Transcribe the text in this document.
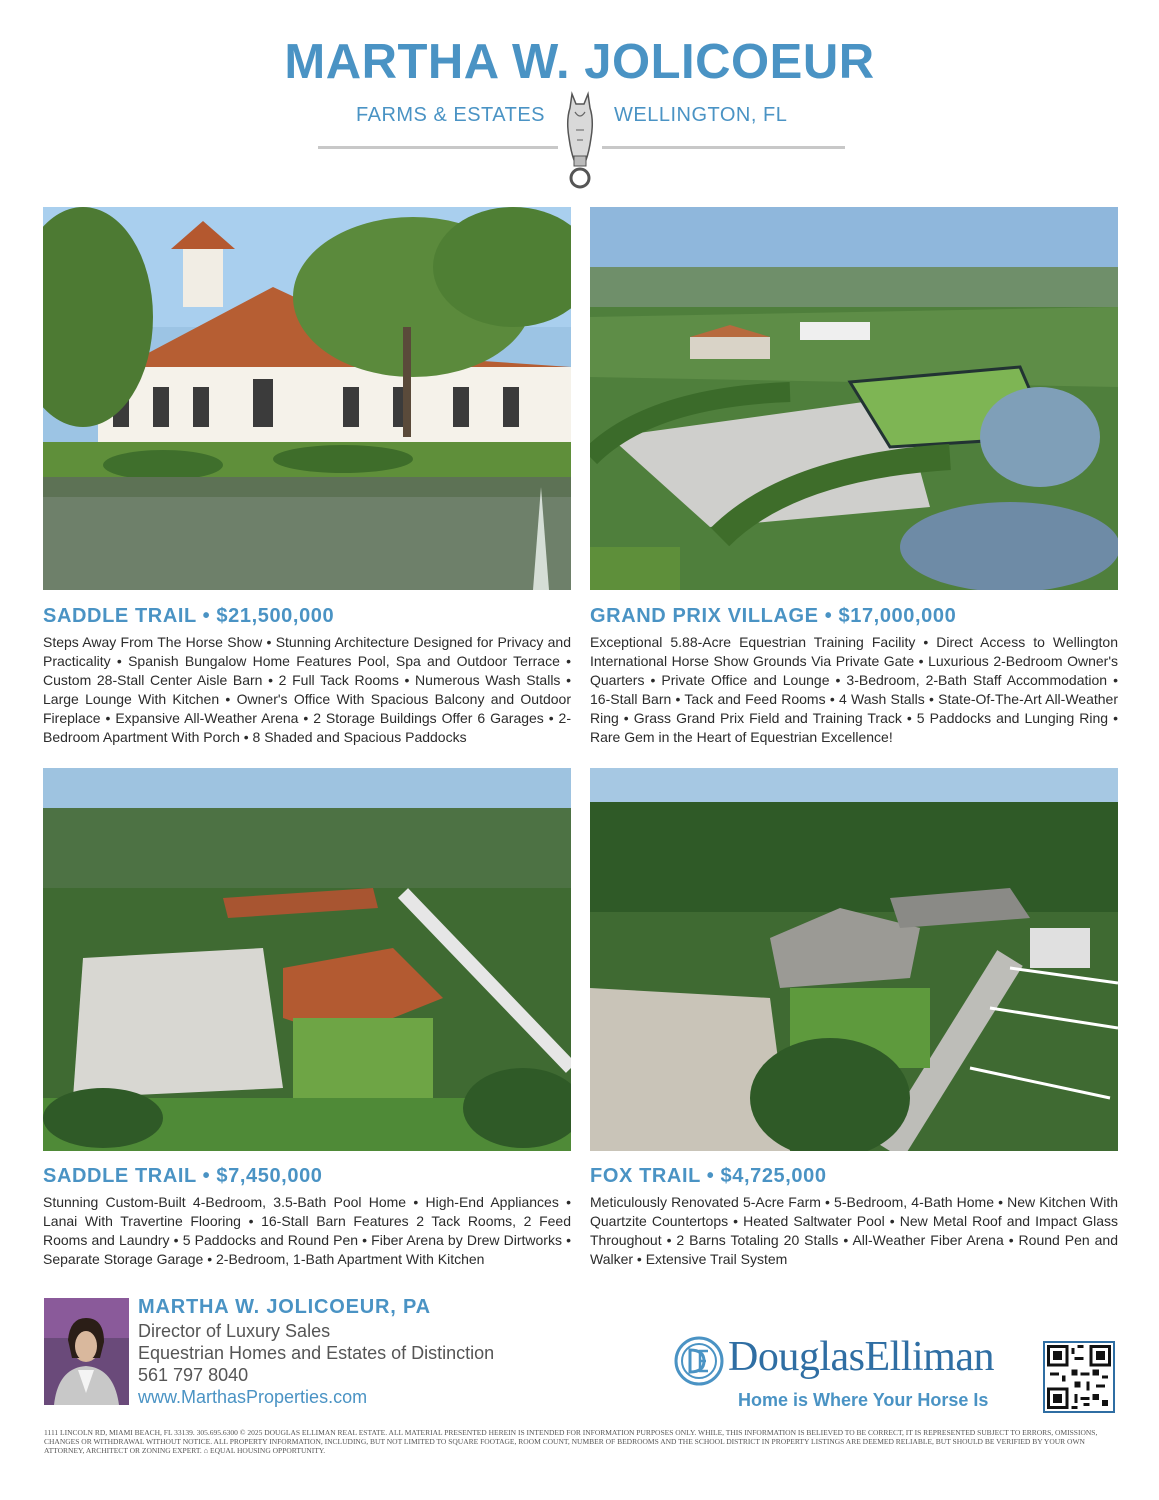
MARTHA W. JOLICOEUR
FARMS & ESTATES	WELLINGTON, FL
SADDLE TRAIL • $21,500,000
Steps Away From The Horse Show • Stunning Architecture Designed for Privacy and Practicality • Spanish Bungalow Home Features Pool, Spa and Outdoor Terrace • Custom 28-Stall Center Aisle Barn • 2 Full Tack Rooms • Numerous Wash Stalls • Large Lounge With Kitchen • Owner's Office With Spacious Balcony and Outdoor Fireplace • Expansive All-Weather Arena • 2 Storage Buildings Offer 6 Garages • 2-Bedroom Apartment With Porch • 8 Shaded and Spacious Paddocks
GRAND PRIX VILLAGE • $17,000,000
Exceptional 5.88-Acre Equestrian Training Facility • Direct Access to Wellington International Horse Show Grounds Via Private Gate • Luxurious 2-Bedroom Owner's Quarters • Private Office and Lounge • 3-Bedroom, 2-Bath Staff Accommodation • 16-Stall Barn • Tack and Feed Rooms • 4 Wash Stalls • State-Of-The-Art All-Weather Ring • Grass Grand Prix Field and Training Track • 5 Paddocks and Lunging Ring • Rare Gem in the Heart of Equestrian Excellence!
SADDLE TRAIL • $7,450,000
Stunning Custom-Built 4-Bedroom, 3.5-Bath Pool Home • High-End Appliances • Lanai With Travertine Flooring • 16-Stall Barn Features 2 Tack Rooms, 2 Feed Rooms and Laundry • 5 Paddocks and Round Pen • Fiber Arena by Drew Dirtworks • Separate Storage Garage • 2-Bedroom, 1-Bath Apartment With Kitchen
FOX TRAIL • $4,725,000
Meticulously Renovated 5-Acre Farm • 5-Bedroom, 4-Bath Home • New Kitchen With Quartzite Countertops • Heated Saltwater Pool • New Metal Roof and Impact Glass Throughout • 2 Barns Totaling 20 Stalls • All-Weather Fiber Arena • Round Pen and Walker • Extensive Trail System
MARTHA W. JOLICOEUR, PA
Director of Luxury Sales
Equestrian Homes and Estates of Distinction
561 797 8040
www.MarthasProperties.com
DouglasElliman
Home is Where Your Horse Is
1111 LINCOLN RD, MIAMI BEACH, FL 33139. 305.695.6300 © 2025 DOUGLAS ELLIMAN REAL ESTATE. ALL MATERIAL PRESENTED HEREIN IS INTENDED FOR INFORMATION PURPOSES ONLY. WHILE, THIS INFORMATION IS BELIEVED TO BE CORRECT, IT IS REPRESENTED SUBJECT TO ERRORS, OMISSIONS, CHANGES OR WITHDRAWAL WITHOUT NOTICE. ALL PROPERTY INFORMATION, INCLUDING, BUT NOT LIMITED TO SQUARE FOOTAGE, ROOM COUNT, NUMBER OF BEDROOMS AND THE SCHOOL DISTRICT IN PROPERTY LISTINGS ARE DEEMED RELIABLE, BUT SHOULD BE VERIFIED BY YOUR OWN ATTORNEY, ARCHITECT OR ZONING EXPERT. ⌂ EQUAL HOUSING OPPORTUNITY.
